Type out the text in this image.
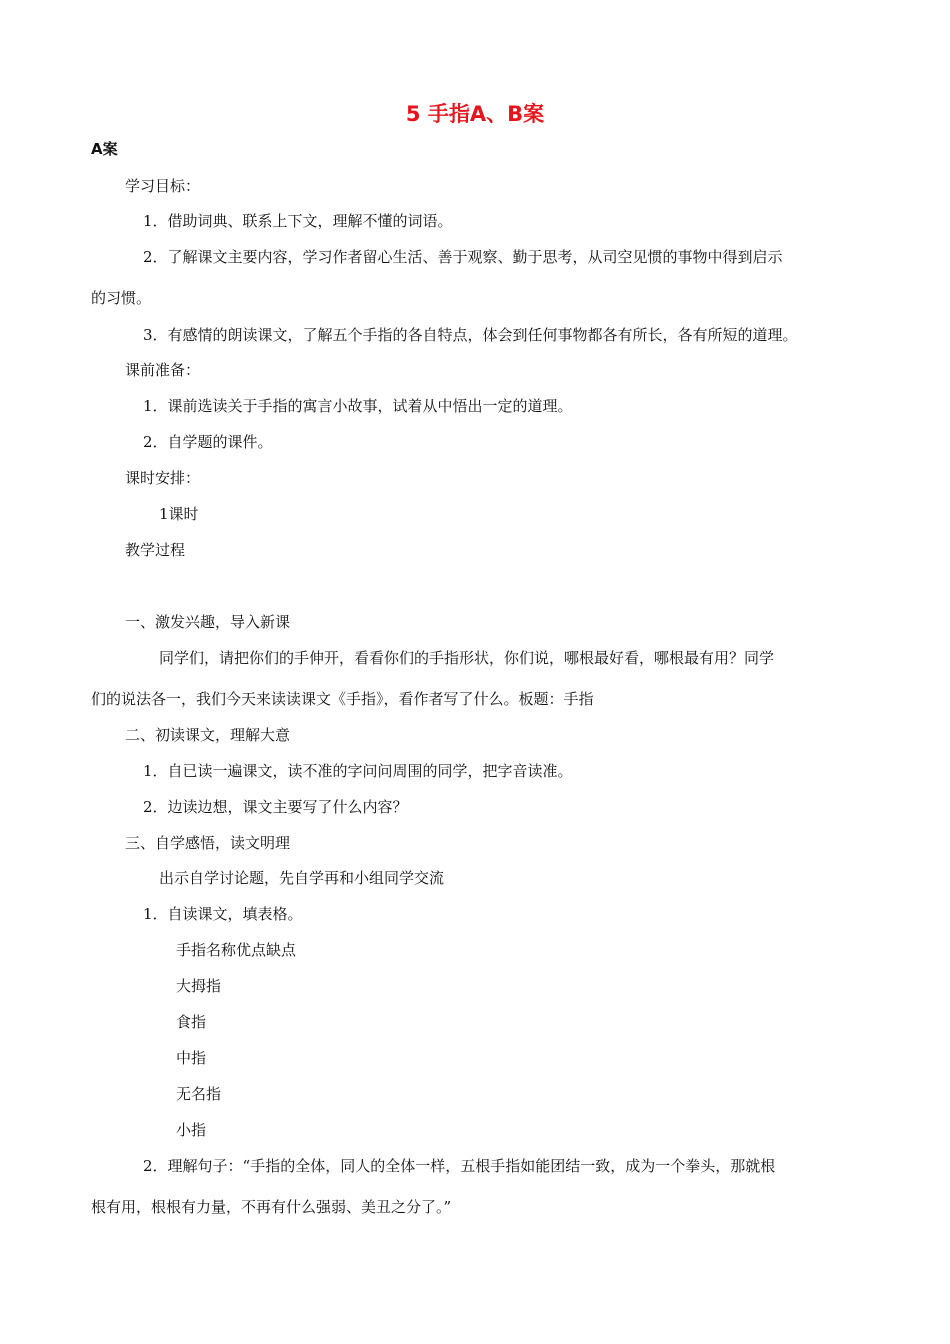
5 手指A、B案
A案
学习目标：
1．借助词典、联系上下文，理解不懂的词语。
2．了解课文主要内容，学习作者留心生活、善于观察、勤于思考，从司空见惯的事物中得到启示
的习惯。
3．有感情的朗读课文，了解五个手指的各自特点，体会到任何事物都各有所长，各有所短的道理。
课前准备：
1．课前选读关于手指的寓言小故事，试着从中悟出一定的道理。
2．自学题的课件。
课时安排：
1课时
教学过程
一、激发兴趣，导入新课
同学们，请把你们的手伸开，看看你们的手指形状，你们说，哪根最好看，哪根最有用？同学
们的说法各一，我们今天来读读课文《手指》，看作者写了什么。板题：手指
二、初读课文，理解大意
1．自已读一遍课文，读不准的字问问周围的同学，把字音读准。
2．边读边想，课文主要写了什么内容？
三、自学感悟，读文明理
出示自学讨论题，先自学再和小组同学交流
1．自读课文，填表格。
手指名称优点缺点
大拇指
食指
中指
无名指
小指
2．理解句子：“手指的全体，同人的全体一样，五根手指如能团结一致，成为一个拳头，那就根
根有用，根根有力量，不再有什么强弱、美丑之分了。”
